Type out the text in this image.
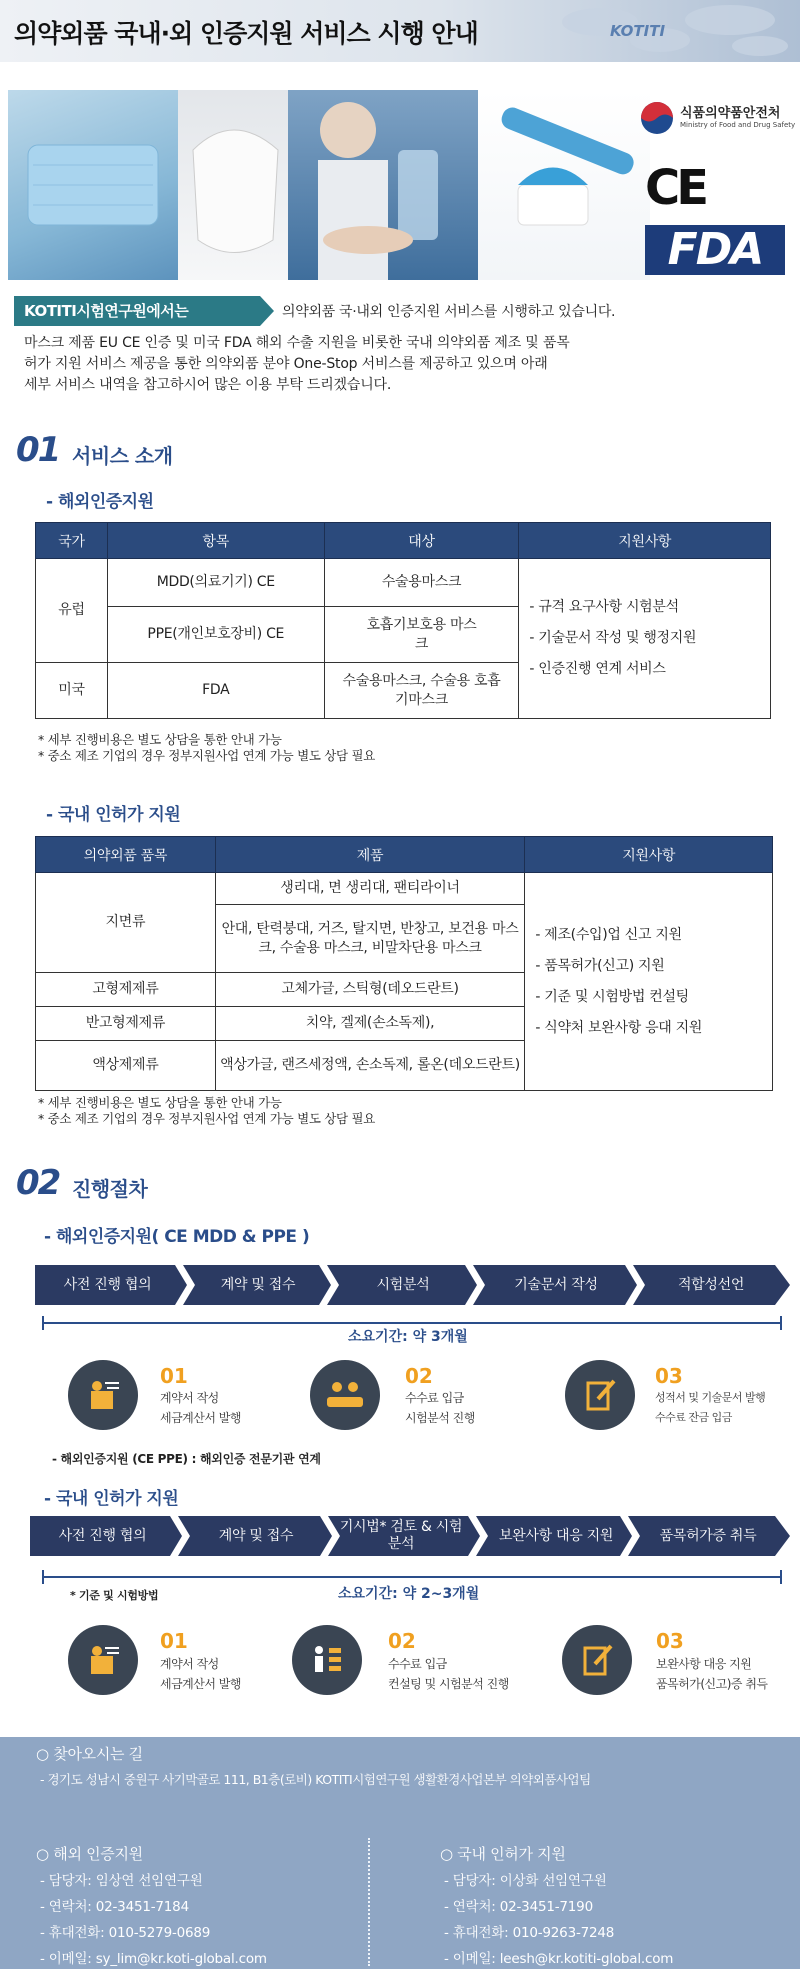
의약외품 국내·외 인증지원 서비스 시행 안내	KOTITI
식품의약품안전처
Ministry of Food and Drug Safety
CE
FDA
KOTITI시험연구원에서는	의약외품 국·내외 인증지원 서비스를 시행하고 있습니다.
마스크 제품 EU CE 인증 및 미국 FDA 해외 수출 지원을 비롯한 국내 의약외품 제조 및 품목
허가 지원 서비스 제공을 통한 의약외품 분야 One-Stop 서비스를 제공하고 있으며 아래
세부 서비스 내역을 참고하시어 많은 이용 부탁 드리겠습니다.
01 서비스 소개
- 해외인증지원
국가	항목	대상	지원사항
유럽	MDD(의료기기) CE	수술용마스크	- 규격 요구사항 시험분석
- 기술문서 작성 및 행정지원
- 인증진행 연계 서비스

	PPE(개인보호장비) CE	호흡기보호용 마스크	
미국	FDA	수술용마스크, 수술용 호흡기마스크	
* 세부 진행비용은 별도 상담을 통한 안내 가능
* 중소 제조 기업의 경우 정부지원사업 연계 가능 별도 상담 필요
- 국내 인허가 지원
의약외품 품목	제품	지원사항
지면류	생리대, 면 생리대, 팬티라이너	- 제조(수입)업 신고 지원
- 품목허가(신고) 지원
- 기준 및 시험방법 컨설팅
- 식약처 보완사항 응대 지원

	안대, 탄력붕대, 거즈, 탈지면, 반창고, 보건용 마스크, 수술용 마스크, 비말차단용 마스크	
고형제제류	고체가글, 스틱형(데오드란트)	
반고형제제류	치약, 겔제(손소독제),	
액상제제류	액상가글, 랜즈세정액, 손소독제, 롤온(데오드란트)	
* 세부 진행비용은 별도 상담을 통한 안내 가능
* 중소 제조 기업의 경우 정부지원사업 연계 가능 별도 상담 필요
02 진행절차
- 해외인증지원( CE MDD & PPE )
사전 진행 협의	계약 및 접수	시험분석	기술문서 작성	적합성선언
소요기간: 약 3개월
01
계약서 작성
세금계산서 발행
02
수수료 입금
시험분석 진행
03
성적서 및 기술문서 발행
수수료 잔금 입금
- 해외인증지원 (CE PPE) : 해외인증 전문기관 연계
- 국내 인허가 지원
사전 진행 협의	계약 및 접수
기시법* 검토 & 시험분석
보완사항 대응 지원	품목허가증 취득
소요기간: 약 2~3개월
* 기준 및 시험방법
01
계약서 작성
세금계산서 발행
02
수수료 입금
컨설팅 및 시험분석 진행
03
보완사항 대응 지원
품목허가(신고)증 취득
○ 찾아오시는 길
- 경기도 성남시 중원구 사기막골로 111, B1층(로비) KOTITI시험연구원 생활환경사업본부 의약외품사업팀
○ 해외 인증지원
- 담당자: 임상연 선임연구원
- 연락처: 02-3451-7184
- 휴대전화: 010-5279-0689
- 이메일: sy_lim@kr.koti-global.com
○ 국내 인허가 지원
- 담당자: 이상화 선임연구원
- 연락처: 02-3451-7190
- 휴대전화: 010-9263-7248
- 이메일: leesh@kr.kotiti-global.com
